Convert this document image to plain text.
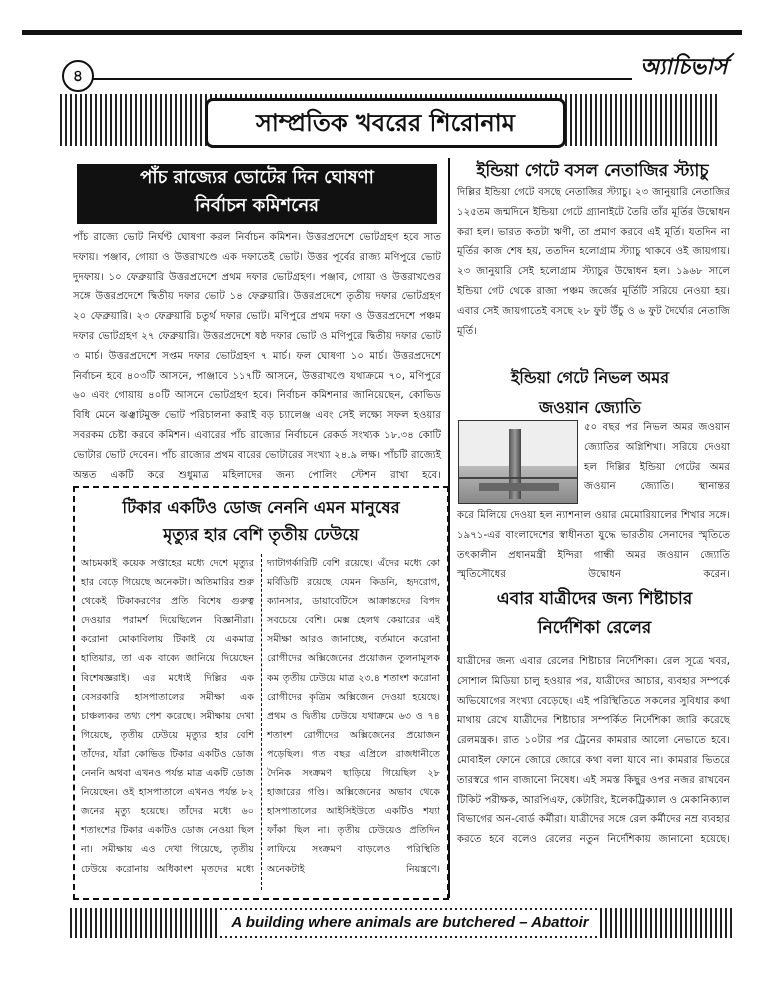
৪	অ্যাচিভার্স
সাম্প্রতিক খবরের শিরোনাম
পাঁচ রাজ্যের ভোটের দিন ঘোষণা
নির্বাচন কমিশনের

পাঁচ রাজ্যে ভোট নির্ঘণ্ট ঘোষণা করল নির্বাচন কমিশন। উত্তরপ্রদেশে ভোটগ্রহণ হবে সাত দফায়। পঞ্জাব, গোয়া ও উত্তরাখণ্ডে এক দফাতেই ভোট। উত্তর পূর্বের রাজ্য মণিপুরে ভোট দুদফায়। ১০ ফেব্রুয়ারি উত্তরপ্রদেশে প্রথম দফার ভোটগ্রহণ। পঞ্জাব, গোয়া ও উত্তরাখণ্ডের সঙ্গে উত্তরপ্রদেশে দ্বিতীয় দফার ভোট ১৪ ফেব্রুয়ারি। উত্তরপ্রদেশে তৃতীয় দফার ভোটগ্রহণ ২০ ফেব্রুয়ারি। ২৩ ফেব্রুয়ারি চতুর্থ দফার ভোট। মণিপুরে প্রথম দফা ও উত্তরপ্রদেশে পঞ্চম দফার ভোটগ্রহণ ২৭ ফেব্রুয়ারি। উত্তরপ্রদেশে ষষ্ঠ দফার ভোট ও মণিপুরে দ্বিতীয় দফার ভোট ৩ মার্চ। উত্তরপ্রদেশে সপ্তম দফার ভোটগ্রহণ ৭ মার্চ। ফল ঘোষণা ১০ মার্চ। উত্তরপ্রদেশে নির্বাচন হবে ৪০৩টি আসনে, পাঞ্জাবে ১১৭টি আসনে, উত্তরাখণ্ডে যথাক্রমে ৭০, মণিপুরে ৬০ এবং গোয়ায় ৪০টি আসনে ভোটগ্রহণ হবে। নির্বাচন কমিশনার জানিয়েছেন, কোভিড বিধি মেনে ঝঞ্ঝাটমুক্ত ভোট পরিচালনা করাই বড় চ্যালেঞ্জ এবং সেই লক্ষ্যে সফল হওয়ার সবরকম চেষ্টা করবে কমিশন। এবারের পাঁচ রাজ্যের নির্বাচনে রেকর্ড সংখ্যক ১৮.৩৪ কোটি ভোটার ভোট দেবেন। পাঁচ রাজ্যের প্রথম বারের ভোটারের সংখ্যা ২৪.৯ লক্ষ। পাঁচটি রাজ্যেই অন্তত একটি করে শুধুমাত্র মহিলাদের জন্য পোলিং স্টেশন রাখা হবে।

টিকার একটিও ডোজ নেননি এমন মানুষের
মৃত্যুর হার বেশি তৃতীয় ঢেউয়ে

আচমকাই কয়েক সপ্তাহের মধ্যে দেশে মৃত্যুর হার বেড়ে গিয়েছে অনেকটা। অতিমারির শুরু থেকেই টিকাকরণের প্রতি বিশেষ গুরুত্ব দেওয়ার পরামর্শ দিয়েছিলেন বিজ্ঞানীরা। করোনা মোকাবিলায় টিকাই যে একমাত্র হাতিয়ার, তা এক বাক্যে জানিয়ে দিয়েছেন বিশেষজ্ঞরাই। এর মধ্যেই দিল্লির এক বেসরকারি হাসপাতালের সমীক্ষা এক চাঞ্চল্যকর তথ্য পেশ করেছে। সমীক্ষায় দেখা গিয়েছে, তৃতীয় ঢেউয়ে মৃত্যুর হার বেশি তাঁদের, যাঁরা কোভিড টিকার একটিও ডোজ নেননি অথবা এখনও পর্যন্ত মাত্র একটি ডোজ নিয়েছেন। ওই হাসপাতালে এখনও পর্যন্ত ৮২ জনের মৃত্যু হয়েছে। তাঁদের মধ্যে ৬০ শতাংশের টিকার একটিও ডোজ নেওয়া ছিল না। সমীক্ষায় এও দেখা গিয়েছে, তৃতীয় ঢেউয়ে করোনায় অধিকাংশ মৃতদের মধ্যে

দ্যাটাগর্কারিটি বেশি রয়েছে। এঁদের মধ্যে কো মর্বিডিটি রয়েছে যেমন কিডনি, হৃদরোগ, ক্যানসার, ডায়াবেটিসে আক্রান্তদের বিপদ সবচেয়ে বেশি। মেক্স হেলথ কেয়ারের এই সমীক্ষা আরও জানাচ্ছে, বর্তমানে করোনা রোগীদের অক্সিজেনের প্রয়োজন তুলনামূলক কম তৃতীয় ঢেউয়ে মাত্র ২৩.৪ শতাংশ করোনা রোগীদের কৃত্রিম অক্সিজেন দেওয়া হয়েছে। প্রথম ও দ্বিতীয় ঢেউয়ে যথাক্রমে ৬৩ ও ৭৪ শতাংশ রোগীদের অক্সিজেনের প্রয়োজন পড়েছিল। গত বছর এপ্রিলে রাজধানীতে দৈনিক সংক্রমণ ছাড়িয়ে গিয়েছিল ২৮ হাজারের গণ্ডি। অক্সিজেনের অভাব থেকে হাসপাতালের আইসিইউতে একটিও শয্যা ফাঁকা ছিল না। তৃতীয় ঢেউয়েও প্রতিদিন লাফিয়ে সংক্রমণ বাড়লেও পরিস্থিতি অনেকটাই নিয়ন্ত্রণে।

ইন্ডিয়া গেটে বসল নেতাজির স্ট্যাচু

দিল্লির ইন্ডিয়া গেটে বসছে নেতাজির স্ট্যাচু। ২৩ জানুয়ারি নেতাজির ১২৫তম জন্মদিনে ইন্ডিয়া গেটে গ্র্যানাইটে তৈরি তাঁর মূর্তির উদ্বোধন করা হল। ভারত কতটা ঋণী, তা প্রমাণ করবে এই মূর্তি। যতদিন না মূর্তির কাজ শেষ হয়, ততদিন হলোগ্রাম স্ট্যাচু থাকবে ওই জায়গায়। ২৩ জানুয়ারি সেই হলোগ্রাম স্ট্যাচুর উদ্বোধন হল। ১৯৬৮ সালে ইন্ডিয়া গেট থেকে রাজা পঞ্চম জর্জের মূর্তিটি সরিয়ে নেওয়া হয়। এবার সেই জায়গাতেই বসছে ২৮ ফুট উঁচু ও ৬ ফুট দৈর্ঘ্যের নেতাজি মূর্তি।

ইন্ডিয়া গেটে নিভল অমর
জওয়ান জ্যোতি

৫০ বছর পর নিভল অমর জওয়ান জ্যোতির অগ্নিশিখা। সরিয়ে দেওয়া হল দিল্লির ইন্ডিয়া গেটের অমর জওয়ান জ্যোতি। স্থানান্তর

করে মিলিয়ে দেওয়া হল ন্যাশনাল ওয়ার মেমোরিয়ালের শিখার সঙ্গে। ১৯৭১-এর বাংলাদেশের স্বাধীনতা যুদ্ধে ভারতীয় সেনাদের স্মৃতিতে তৎকালীন প্রধানমন্ত্রী ইন্দিরা গান্ধী অমর জওয়ান জ্যোতি স্মৃতিসৌধের উদ্বোধন করেন।

এবার যাত্রীদের জন্য শিষ্টাচার
নির্দেশিকা রেলের

যাত্রীদের জন্য এবার রেলের শিষ্টাচার নির্দেশিকা। রেল সূত্রে খবর, সোশাল মিডিয়া চালু হওয়ার পর, যাত্রীদের আচার, ব্যবহার সম্পর্কে অভিযোগের সংখ্যা বেড়েছে। এই পরিস্থিতিতে সকলের সুবিধার কথা মাথায় রেখে যাত্রীদের শিষ্টাচার সম্পর্কিত নির্দেশিকা জারি করেছে রেলমন্ত্রক। রাত ১০টার পর ট্রেনের কামরার আলো নেভাতে হবে। মোবাইল ফোনে জোরে জোরে কথা বলা যাবে না। কামরার ভিতরে তারস্বরে গান বাজানো নিষেধ। এই সমস্ত কিছুর ওপর নজর রাখবেন টিকিট পরীক্ষক, আরপিএফ, কেটারিং, ইলেকট্রিক্যাল ও মেকানিক্যাল বিভাগের অন-বোর্ড কর্মীরা। যাত্রীদের সঙ্গে রেল কর্মীদের নম্র ব্যবহার করতে হবে বলেও রেলের নতুন নির্দেশিকায় জানানো হয়েছে।

A building where animals are butchered – Abattoir
